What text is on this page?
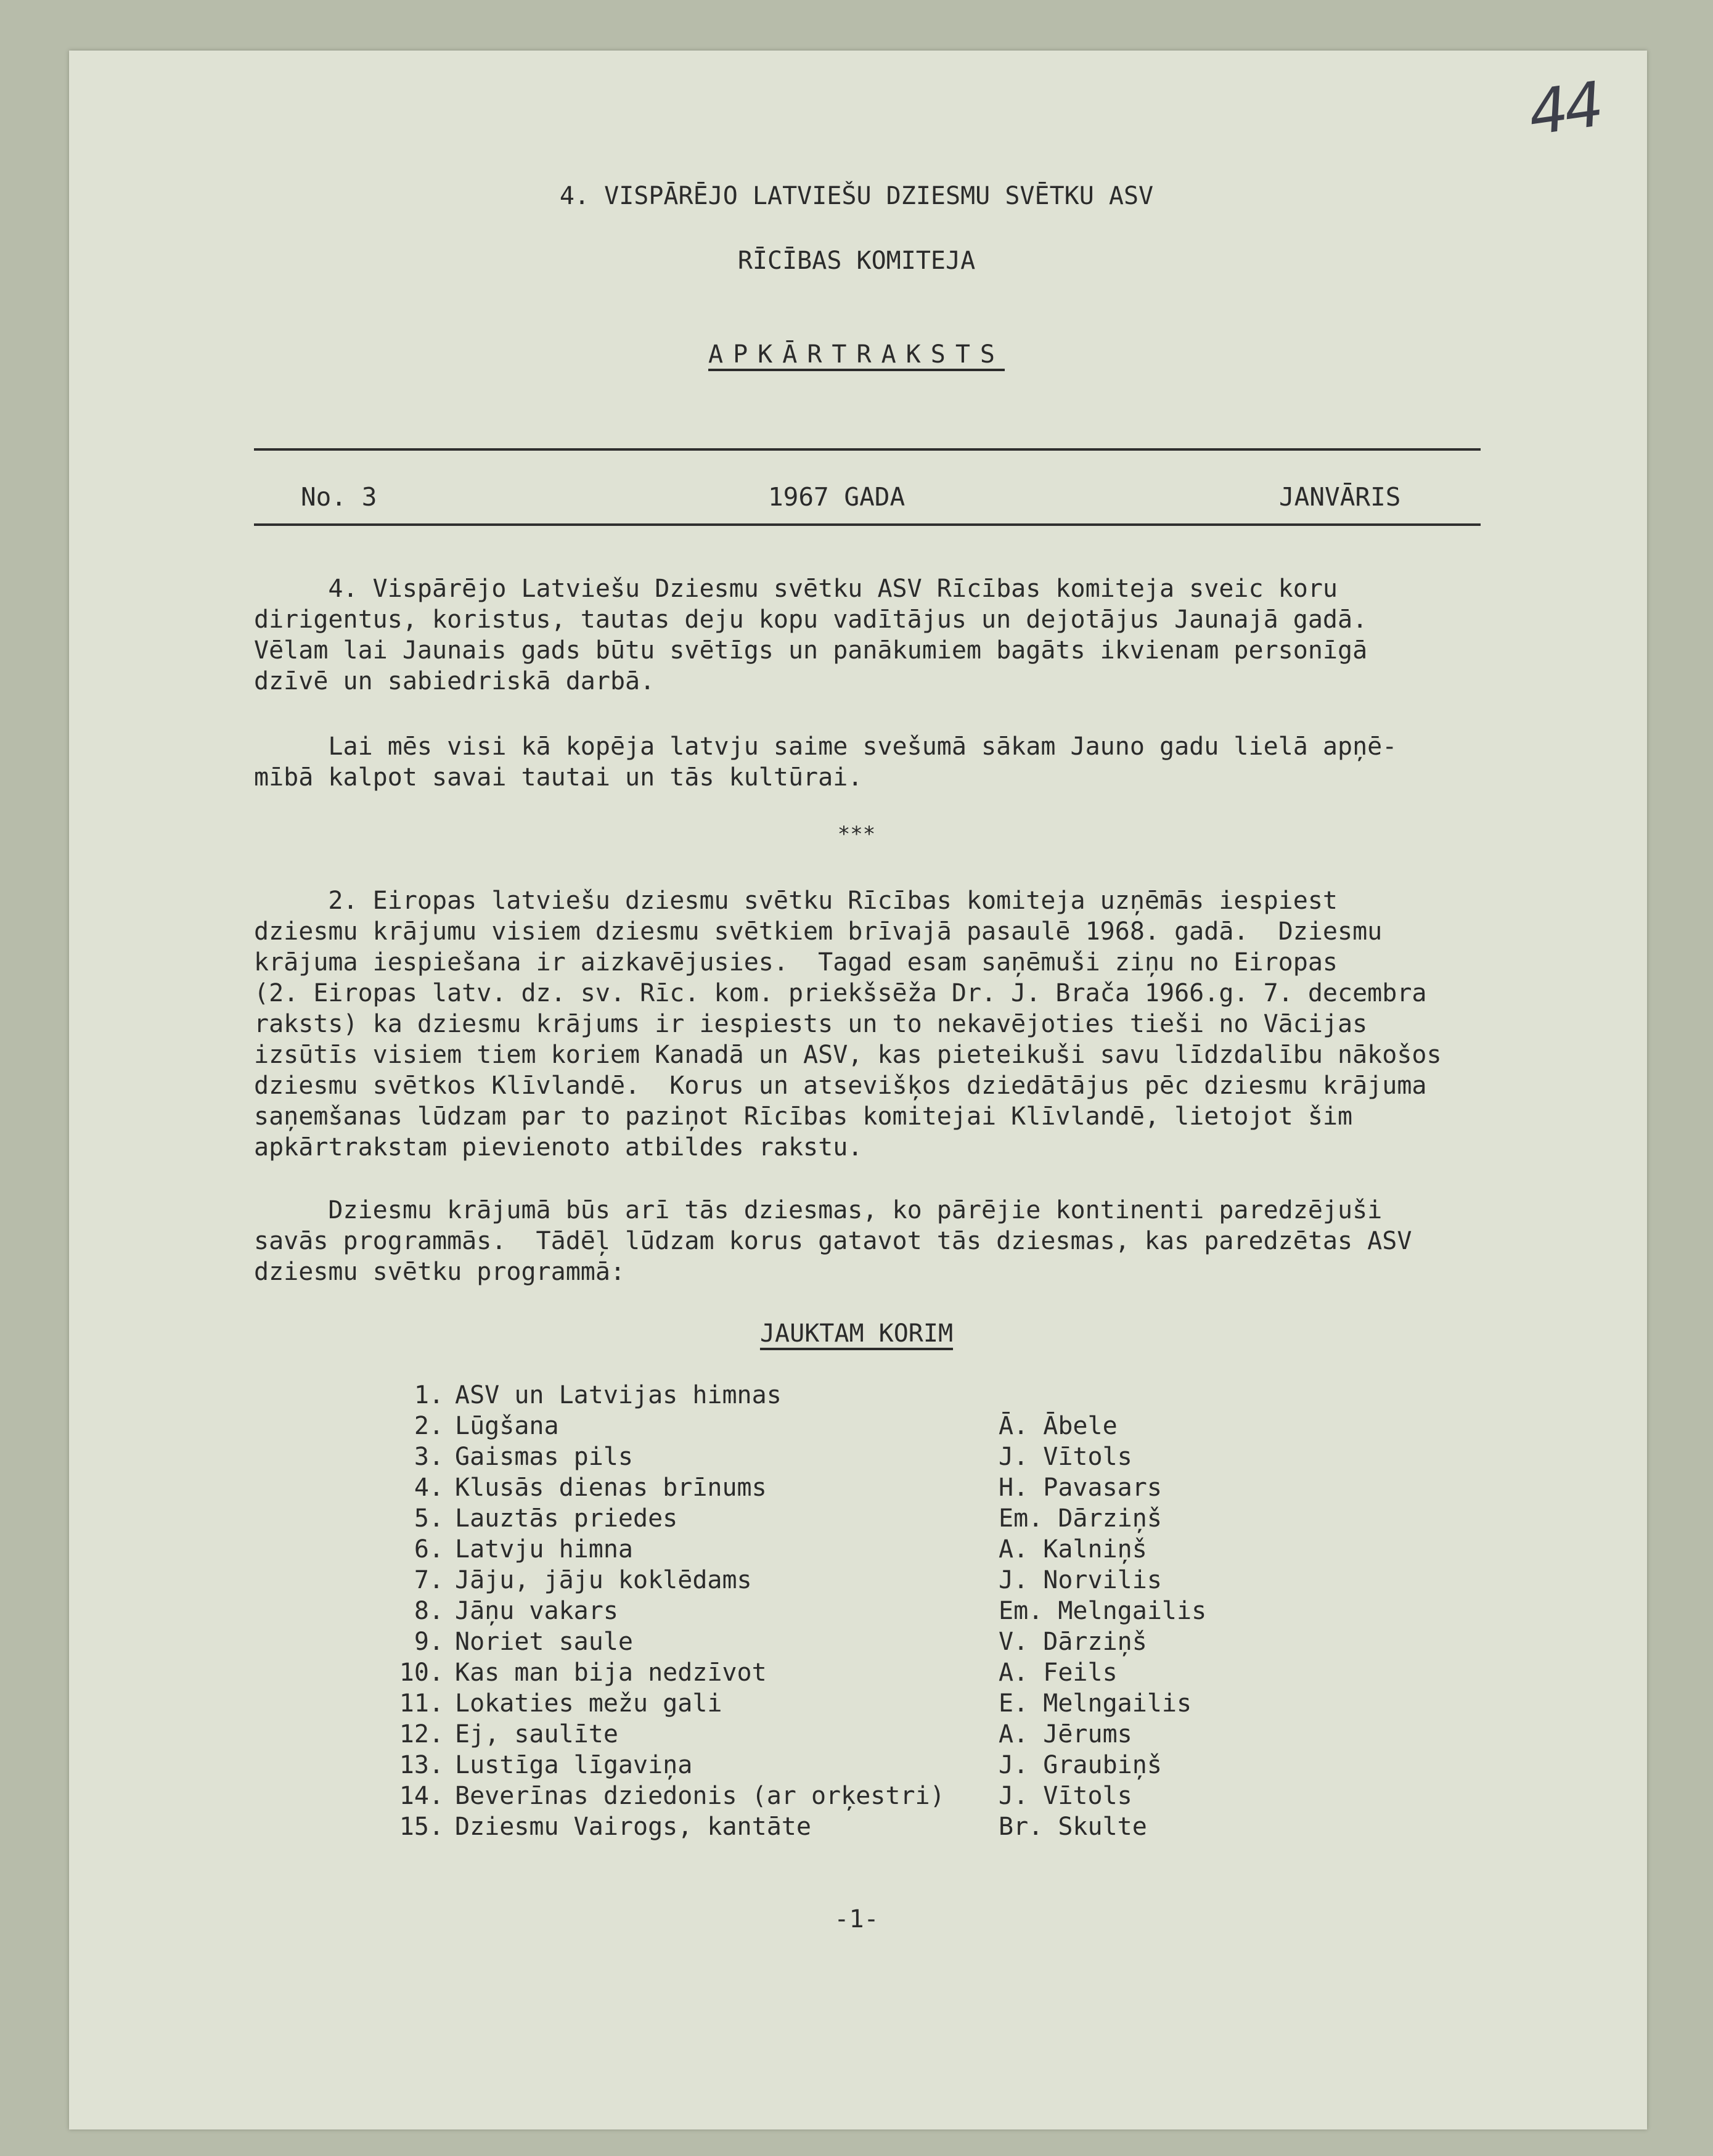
44
4. VISPĀRĒJO LATVIEŠU DZIESMU SVĒTKU ASV
RĪCĪBAS KOMITEJA
APKĀRTRAKSTS
No. 3	1967 GADA	JANVĀRIS
4. Vispārējo Latviešu Dziesmu svētku ASV Rīcības komiteja sveic koru
dirigentus, koristus, tautas deju kopu vadītājus un dejotājus Jaunajā gadā.
Vēlam lai Jaunais gads būtu svētīgs un panākumiem bagāts ikvienam personīgā
dzīvē un sabiedriskā darbā.
Lai mēs visi kā kopēja latvju saime svešumā sākam Jauno gadu lielā apņē-
mībā kalpot savai tautai un tās kultūrai.
***
2. Eiropas latviešu dziesmu svētku Rīcības komiteja uzņēmās iespiest
dziesmu krājumu visiem dziesmu svētkiem brīvajā pasaulē 1968. gadā.  Dziesmu
krājuma iespiešana ir aizkavējusies.  Tagad esam saņēmuši ziņu no Eiropas
(2. Eiropas latv. dz. sv. Rīc. kom. priekšsēža Dr. J. Brača 1966.g. 7. decembra
raksts) ka dziesmu krājums ir iespiests un to nekavējoties tieši no Vācijas
izsūtīs visiem tiem koriem Kanadā un ASV, kas pieteikuši savu līdzdalību nākošos
dziesmu svētkos Klīvlandē.  Korus un atsevišķos dziedātājus pēc dziesmu krājuma
saņemšanas lūdzam par to paziņot Rīcības komitejai Klīvlandē, lietojot šim
apkārtrakstam pievienoto atbildes rakstu.
Dziesmu krājumā būs arī tās dziesmas, ko pārējie kontinenti paredzējuši
savās programmās.  Tādēļ lūdzam korus gatavot tās dziesmas, kas paredzētas ASV
dziesmu svētku programmā:
JAUKTAM KORIM
1. ASV un Latvijas himnas
2. Lūgšana	Ā. Ābele
3. Gaismas pils	J. Vītols
4. Klusās dienas brīnums	H. Pavasars
5. Lauztās priedes	Em. Dārziņš
6. Latvju himna	A. Kalniņš
7. Jāju, jāju koklēdams	J. Norvilis
8. Jāņu vakars	Em. Melngailis
9. Noriet saule	V. Dārziņš
10. Kas man bija nedzīvot	A. Feils
11. Lokaties mežu gali	E. Melngailis
12. Ej, saulīte	A. Jērums
13. Lustīga līgaviņa	J. Graubiņš
14. Beverīnas dziedonis (ar orķestri) J. Vītols
15. Dziesmu Vairogs, kantāte	Br. Skulte
-1-
